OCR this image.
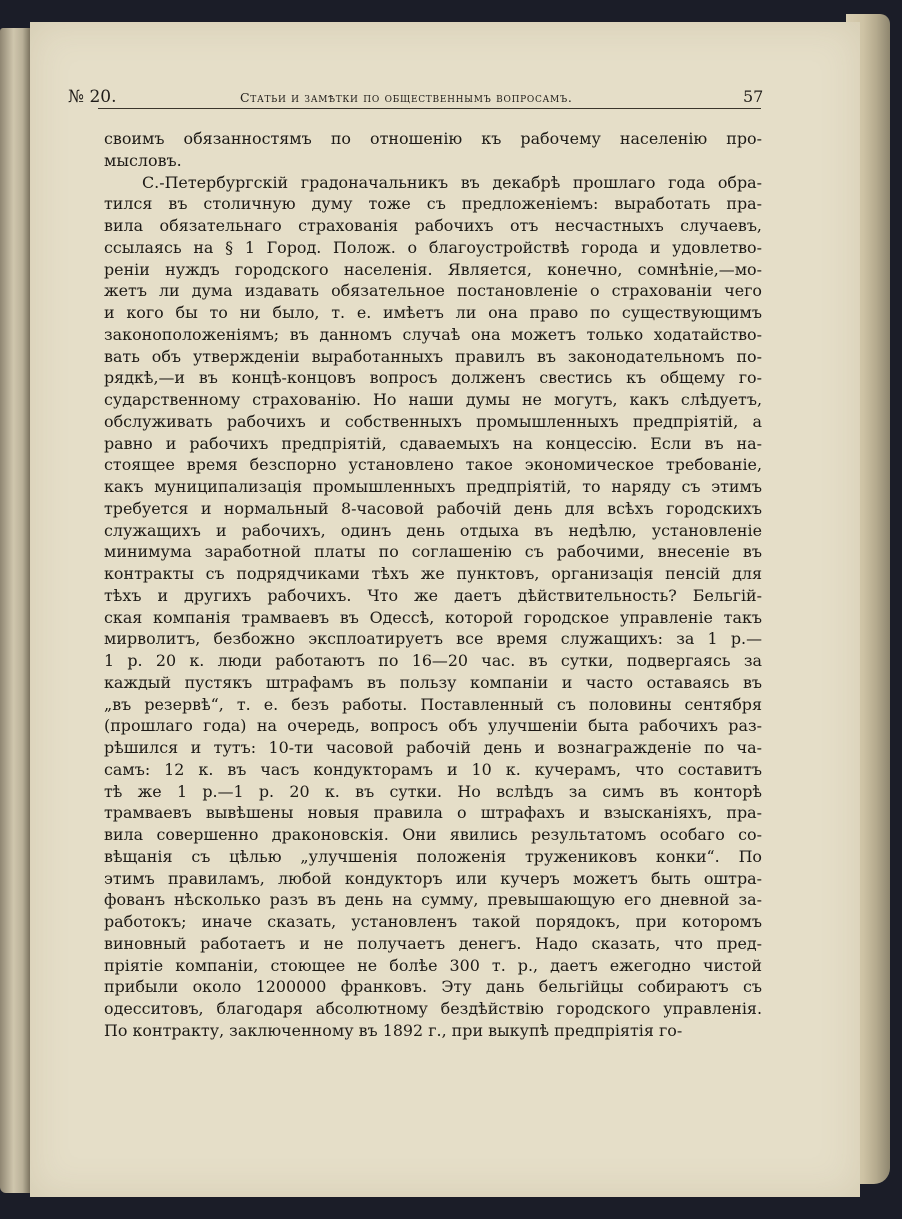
№ 20.	Статьи и замѣтки по общественнымъ вопросамъ.	57
своимъ обязанностямъ по отношенію къ рабочему населенію про-
мысловъ.
С.-Петербургскій градоначальникъ въ декабрѣ прошлаго года обра-
тился въ столичную думу тоже съ предложеніемъ: выработать пра-
вила обязательнаго страхованія рабочихъ отъ несчастныхъ случаевъ,
ссылаясь на § 1 Город. Полож. о благоустройствѣ города и удовлетво-
реніи нуждъ городского населенія. Является, конечно, сомнѣніе,—мо-
жетъ ли дума издавать обязательное постановленіе о страхованіи чего
и кого бы то ни было, т. е. имѣетъ ли она право по существующимъ
законоположеніямъ; въ данномъ случаѣ она можетъ только ходатайство-
вать объ утвержденіи выработанныхъ правилъ въ законодательномъ по-
рядкѣ,—и въ концѣ-концовъ вопросъ долженъ свестись къ общему го-
сударственному страхованію. Но наши думы не могутъ, какъ слѣдуетъ,
обслуживать рабочихъ и собственныхъ промышленныхъ предпріятій, а
равно и рабочихъ предпріятій, сдаваемыхъ на концессію. Если въ на-
стоящее время безспорно установлено такое экономическое требованіе,
какъ муниципализація промышленныхъ предпріятій, то наряду съ этимъ
требуется и нормальный 8-часовой рабочій день для всѣхъ городскихъ
служащихъ и рабочихъ, одинъ день отдыха въ недѣлю, установленіе
минимума заработной платы по соглашенію съ рабочими, внесеніе въ
контракты съ подрядчиками тѣхъ же пунктовъ, организація пенсій для
тѣхъ и другихъ рабочихъ. Что же даетъ дѣйствительность? Бельгій-
ская компанія трамваевъ въ Одессѣ, которой городское управленіе такъ
мирволитъ, безбожно эксплоатируетъ все время служащихъ: за 1 р.—
1 р. 20 к. люди работаютъ по 16—20 час. въ сутки, подвергаясь за
каждый пустякъ штрафамъ въ пользу компаніи и часто оставаясь въ
„въ резервѣ“, т. е. безъ работы. Поставленный съ половины сентября
(прошлаго года) на очередь, вопросъ объ улучшеніи быта рабочихъ раз-
рѣшился и тутъ: 10-ти часовой рабочій день и вознагражденіе по ча-
самъ: 12 к. въ часъ кондукторамъ и 10 к. кучерамъ, что составитъ
тѣ же 1 р.—1 р. 20 к. въ сутки. Но вслѣдъ за симъ въ конторѣ
трамваевъ вывѣшены новыя правила о штрафахъ и взысканіяхъ, пра-
вила совершенно драконовскія. Они явились результатомъ особаго со-
вѣщанія съ цѣлью „улучшенія положенія тружениковъ конки“. По
этимъ правиламъ, любой кондукторъ или кучеръ можетъ быть оштра-
фованъ нѣсколько разъ въ день на сумму, превышающую его дневной за-
работокъ; иначе сказать, установленъ такой порядокъ, при которомъ
виновный работаетъ и не получаетъ денегъ. Надо сказать, что пред-
пріятіе компаніи, стоющее не болѣе 300 т. р., даетъ ежегодно чистой
прибыли около 1200000 франковъ. Эту дань бельгійцы собираютъ съ
одесситовъ, благодаря абсолютному бездѣйствію городского управленія.
По контракту, заключенному въ 1892 г., при выкупѣ предпріятія го-
